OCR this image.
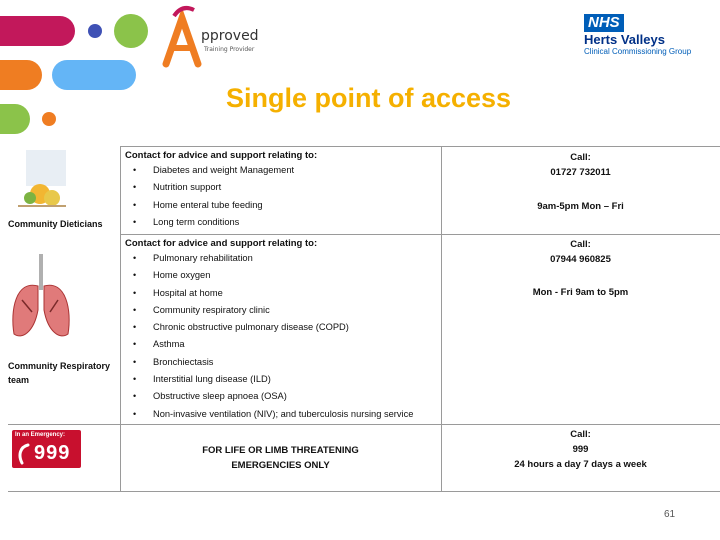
pproved
Training Provider
NHS
Herts Valleys
Clinical Commissioning Group
Single point of access
Community Dieticians
Contact for advice and support relating to:
• Diabetes and weight Management
• Nutrition support
• Home enteral tube feeding
• Long term conditions
Call:
01727 732011
9am-5pm Mon – Fri
Community Respiratory
team
Contact for advice and support relating to:
• Pulmonary rehabilitation
• Home oxygen
• Hospital at home
• Community respiratory clinic
• Chronic obstructive pulmonary disease (COPD)
• Asthma
• Bronchiectasis
• Interstitial lung disease (ILD)
• Obstructive sleep apnoea (OSA)
• Non-invasive ventilation (NIV); and tuberculosis nursing service
Call:
07944 960825
Mon - Fri 9am to 5pm
FOR LIFE OR LIMB THREATENING
EMERGENCIES ONLY
Call:
999
24 hours a day 7 days a week
In an Emergency:
999
61
